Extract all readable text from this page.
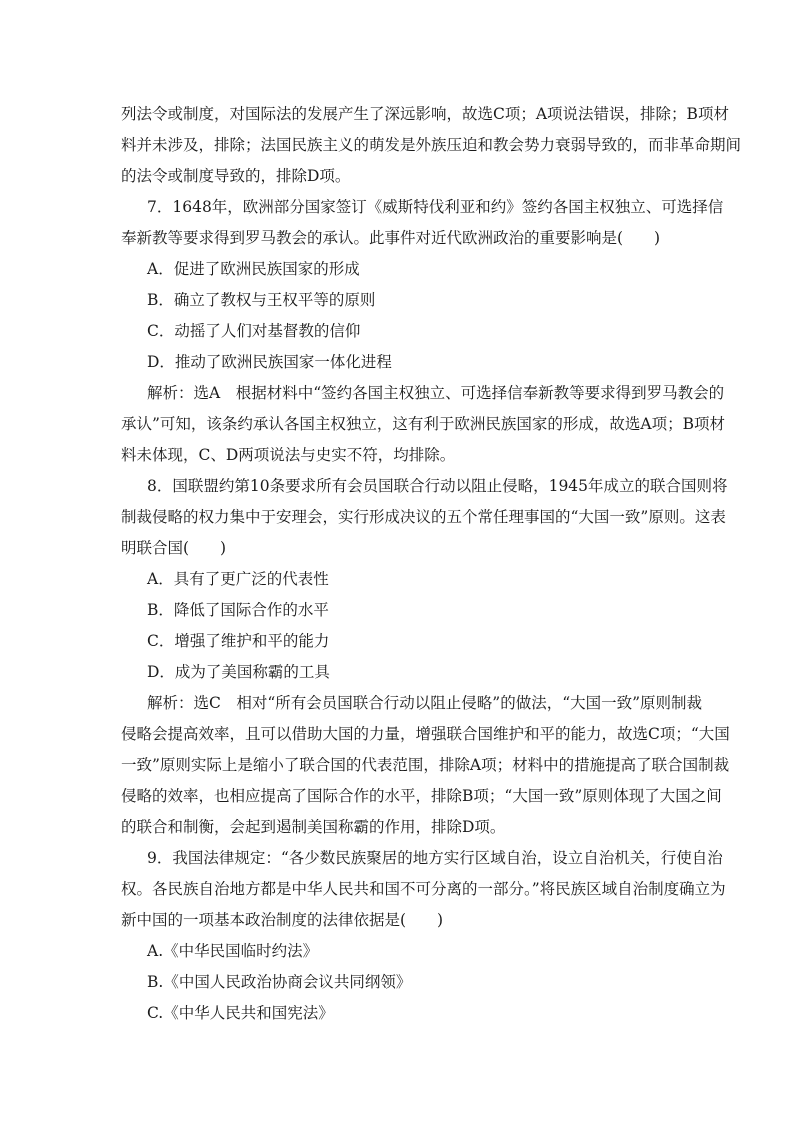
列法令或制度，对国际法的发展产生了深远影响，故选C项；A项说法错误，排除；B项材
料并未涉及，排除；法国民族主义的萌发是外族压迫和教会势力衰弱导致的，而非革命期间
的法令或制度导致的，排除D项。
7．1648年，欧洲部分国家签订《威斯特伐利亚和约》签约各国主权独立、可选择信
奉新教等要求得到罗马教会的承认。此事件对近代欧洲政治的重要影响是(　　)
A．促进了欧洲民族国家的形成
B．确立了教权与王权平等的原则
C．动摇了人们对基督教的信仰
D．推动了欧洲民族国家一体化进程
解析：选A　根据材料中“签约各国主权独立、可选择信奉新教等要求得到罗马教会的
承认”可知，该条约承认各国主权独立，这有利于欧洲民族国家的形成，故选A项；B项材
料未体现，C、D两项说法与史实不符，均排除。
8．国联盟约第10条要求所有会员国联合行动以阻止侵略，1945年成立的联合国则将
制裁侵略的权力集中于安理会，实行形成决议的五个常任理事国的“大国一致”原则。这表
明联合国(　　)
A．具有了更广泛的代表性
B．降低了国际合作的水平
C．增强了维护和平的能力
D．成为了美国称霸的工具
解析：选C　相对“所有会员国联合行动以阻止侵略”的做法，“大国一致”原则制裁
侵略会提高效率，且可以借助大国的力量，增强联合国维护和平的能力，故选C项；“大国
一致”原则实际上是缩小了联合国的代表范围，排除A项；材料中的措施提高了联合国制裁
侵略的效率，也相应提高了国际合作的水平，排除B项；“大国一致”原则体现了大国之间
的联合和制衡，会起到遏制美国称霸的作用，排除D项。
9．我国法律规定：“各少数民族聚居的地方实行区域自治，设立自治机关，行使自治
权。各民族自治地方都是中华人民共和国不可分离的一部分。”将民族区域自治制度确立为
新中国的一项基本政治制度的法律依据是(　　)
A.《中华民国临时约法》
B.《中国人民政治协商会议共同纲领》
C.《中华人民共和国宪法》
